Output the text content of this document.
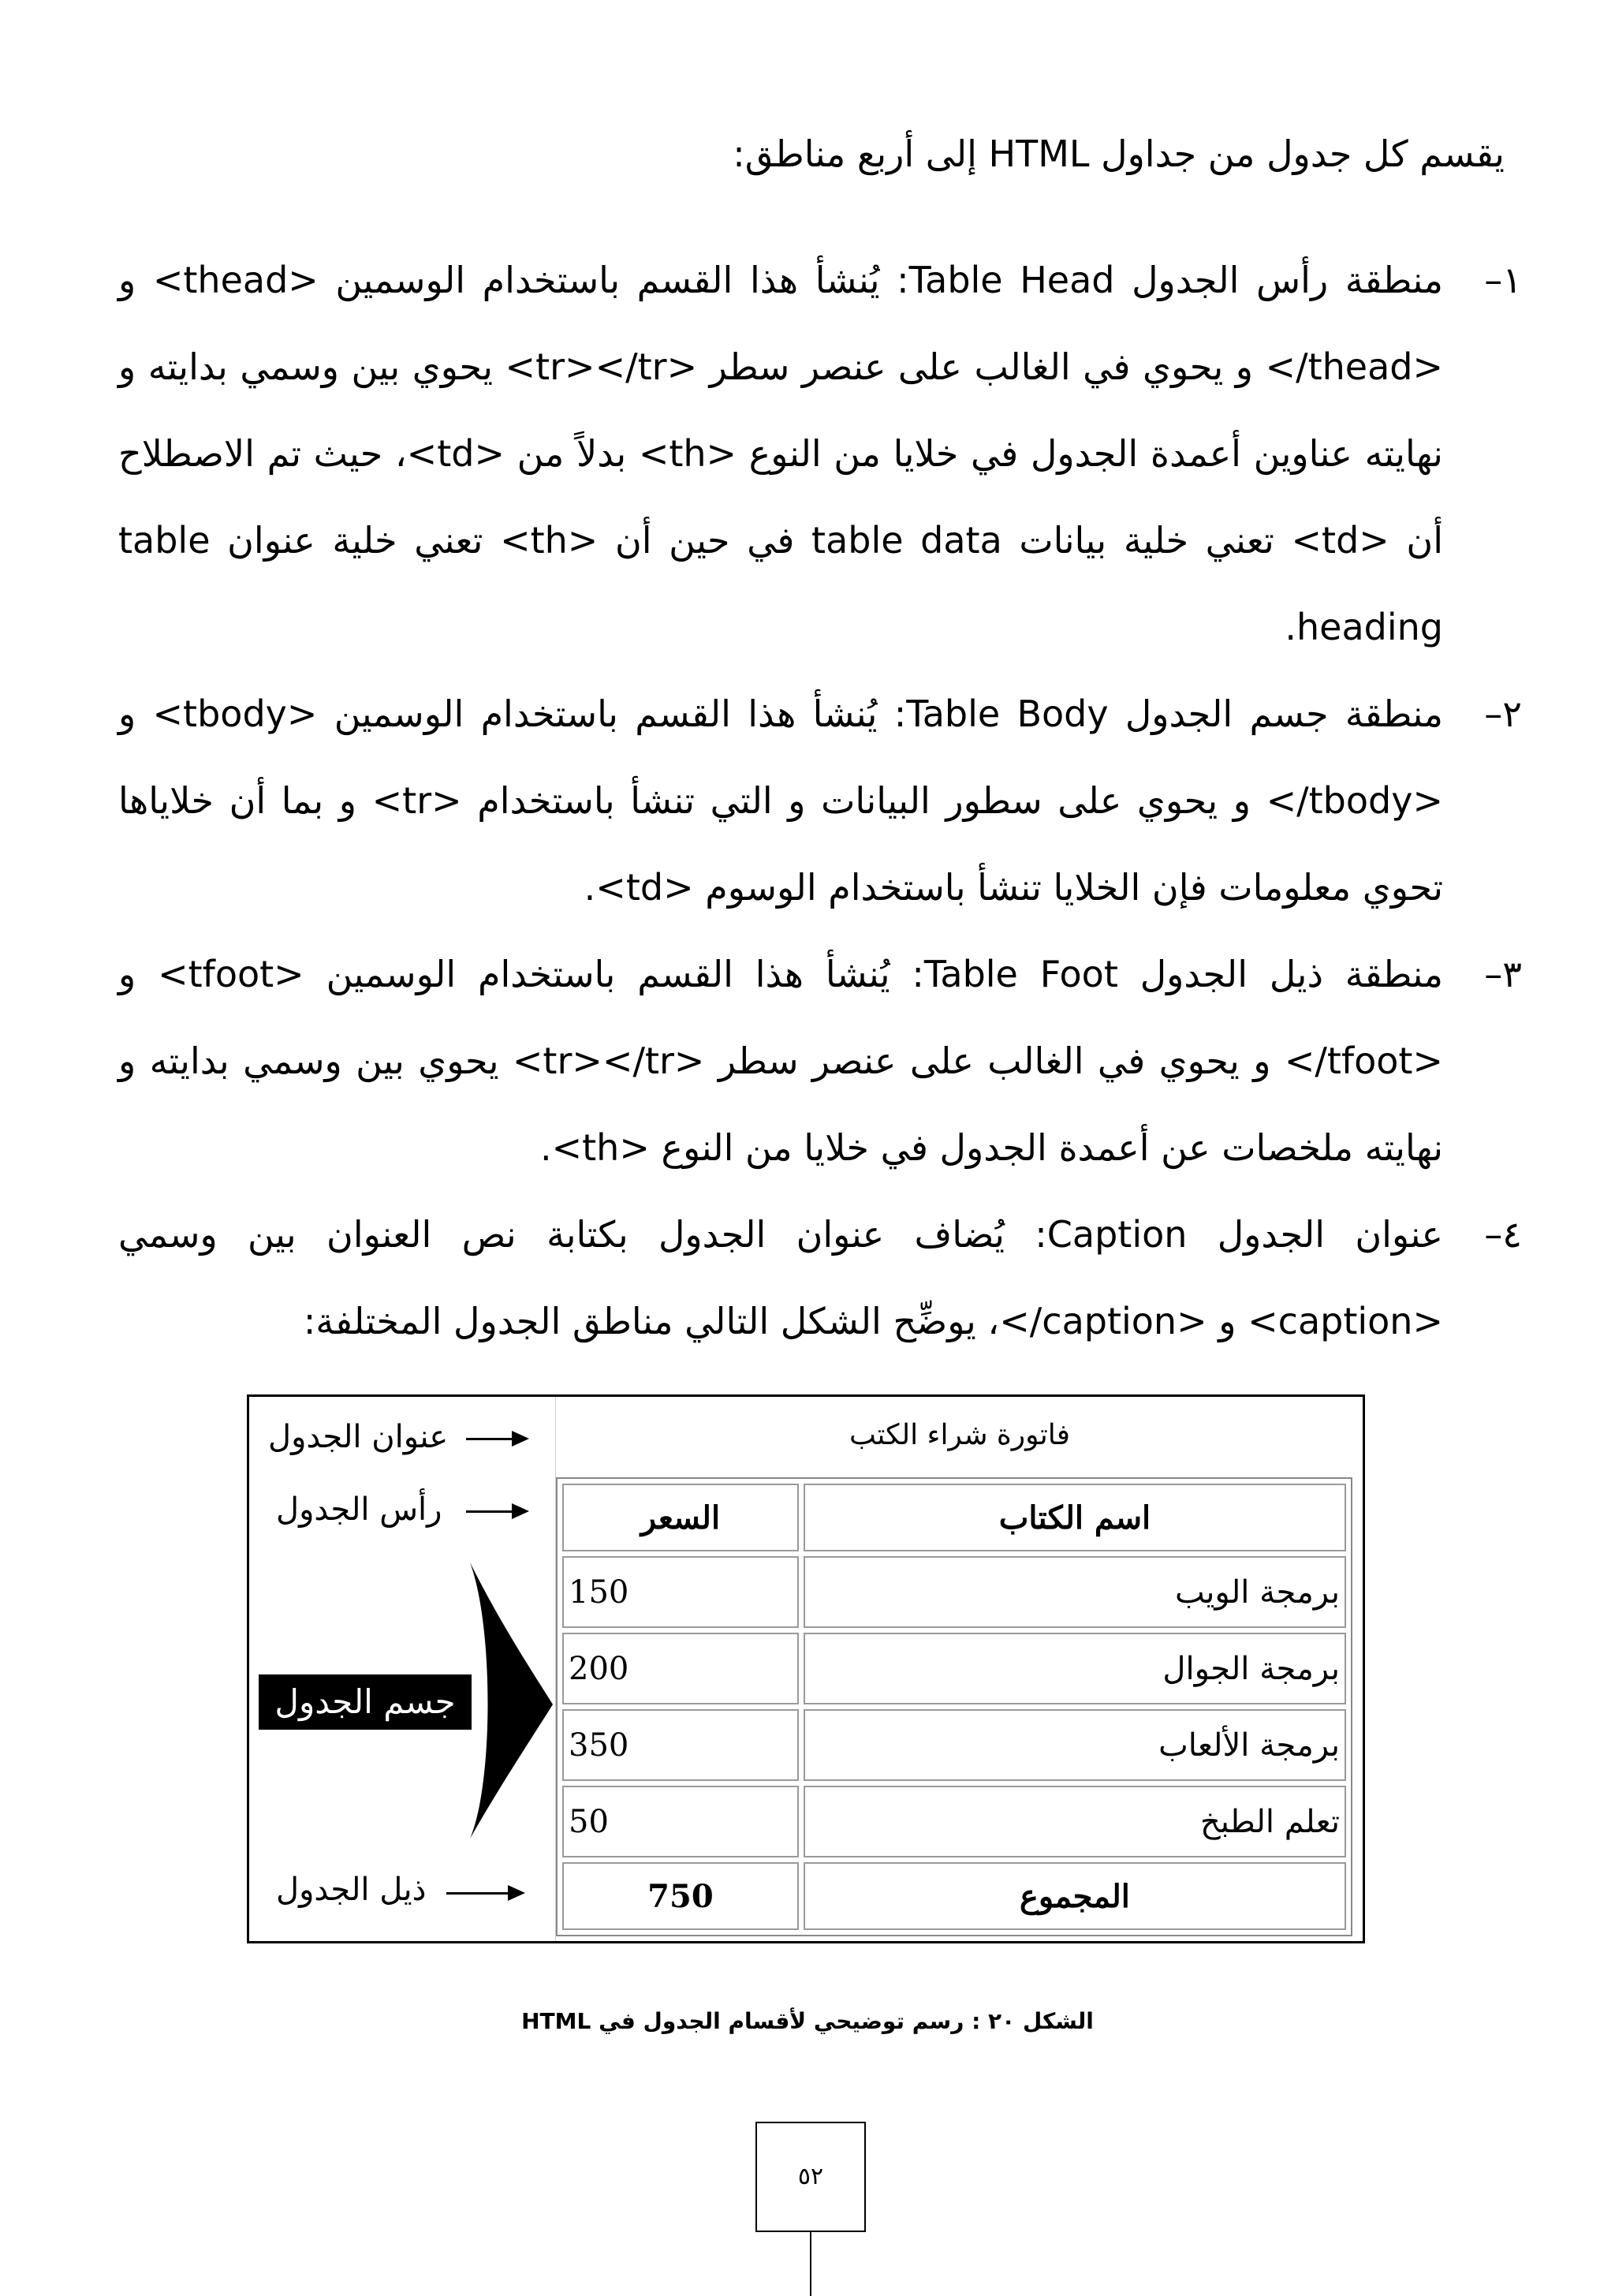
يقسم كل جدول من جداول HTML إلى أربع مناطق:

١–

منطقة رأس الجدول Table Head: يُنشأ هذا القسم باستخدام الوسمين <thead> و </thead> و يحوي في الغالب على عنصر سطر <tr></tr> يحوي بين وسمي بدايته و نهايته عناوين أعمدة الجدول في خلايا من النوع <th> بدلاً من <td>، حيث تم الاصطلاح أن <td> تعني خلية بيانات table data في حين أن <th> تعني خلية عنوان table heading.

٢–

منطقة جسم الجدول Table Body: يُنشأ هذا القسم باستخدام الوسمين <tbody> و </tbody> و يحوي على سطور البيانات و التي تنشأ باستخدام <tr> و بما أن خلاياها تحوي معلومات فإن الخلايا تنشأ باستخدام الوسوم <td>.

٣–

منطقة ذيل الجدول Table Foot: يُنشأ هذا القسم باستخدام الوسمين <tfoot> و </tfoot> و يحوي في الغالب على عنصر سطر <tr></tr> يحوي بين وسمي بدايته و نهايته ملخصات عن أعمدة الجدول في خلايا من النوع <th>.

٤–

عنوان الجدول Caption: يُضاف عنوان الجدول بكتابة نص العنوان بين وسمي <caption> و </caption>، يوضِّح الشكل التالي مناطق الجدول المختلفة:

عنوان الجدول
رأس الجدول
جسم الجدول
ذيل الجدول
فاتورة شراء الكتب
اسم الكتاب	السعر
برمجة الويب	150
برمجة الجوال	200
برمجة الألعاب	350
تعلم الطبخ	50
المجموع	750
الشكل ٢٠ : رسم توضيحي لأقسام الجدول في HTML
٥٢
